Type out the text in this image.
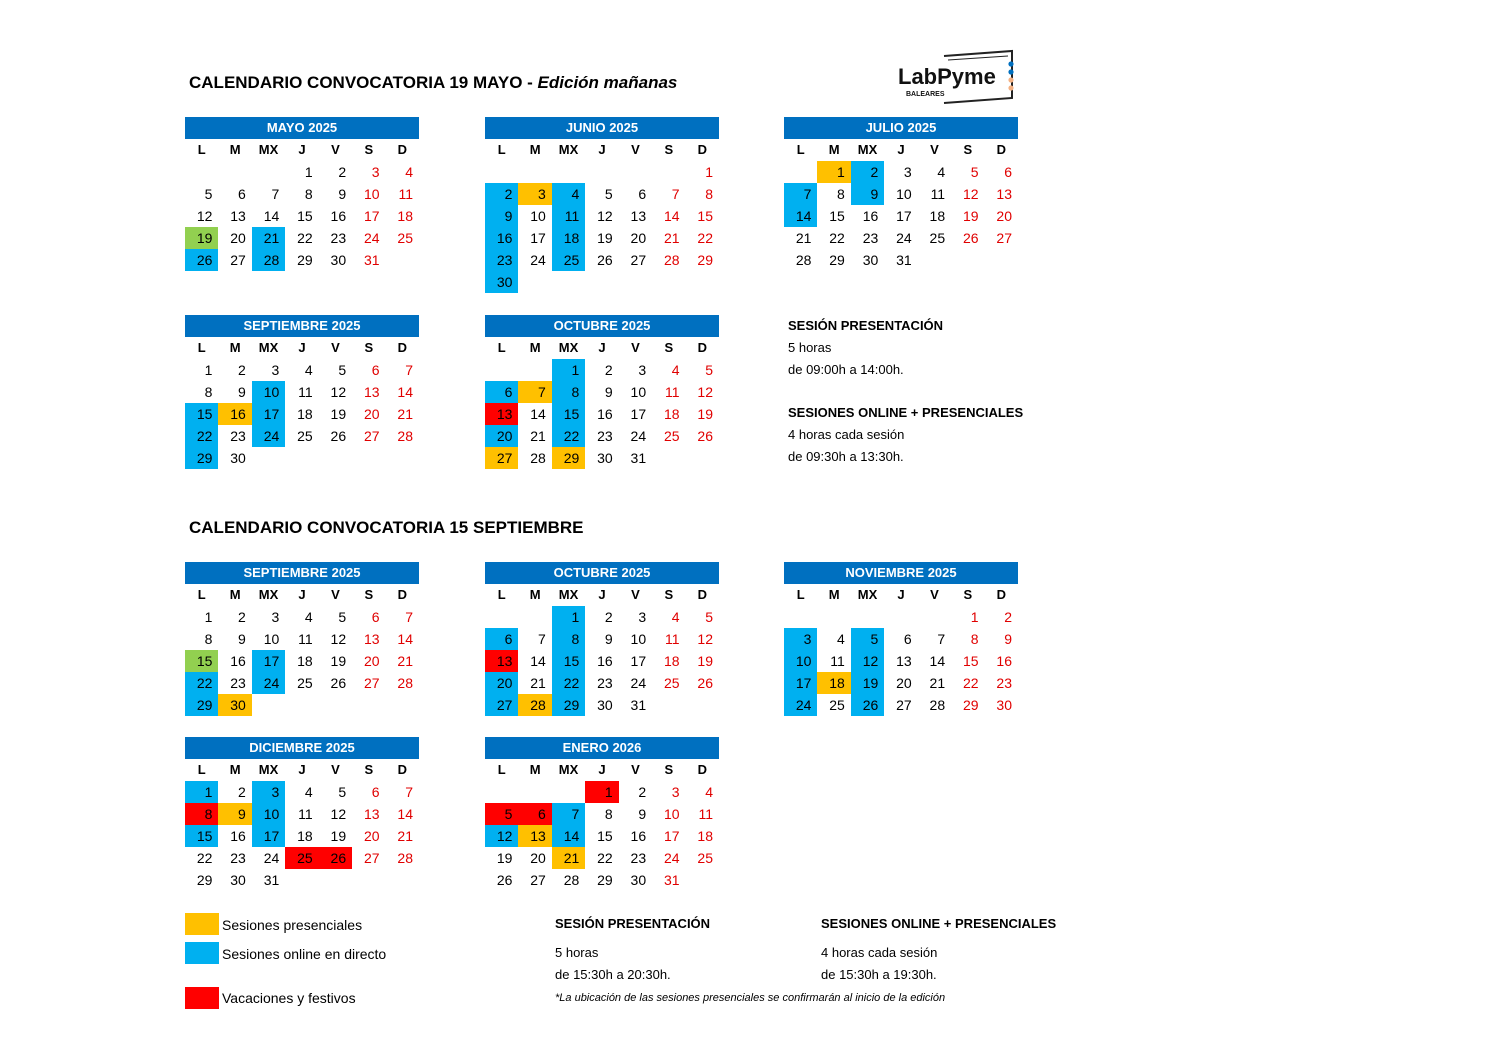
CALENDARIO CONVOCATORIA 19 MAYO - Edición mañanas
CALENDARIO CONVOCATORIA 15 SEPTIEMBRE
LabPyme
BALEARES
MAYO 2025
L	M	MX	J	V	S	D
			1	2	3	4
5	6	7	8	9	10	11
12	13	14	15	16	17	18
19	20	21	22	23	24	25
26	27	28	29	30	31	
JUNIO 2025
L	M	MX	J	V	S	D
						1
2	3	4	5	6	7	8
9	10	11	12	13	14	15
16	17	18	19	20	21	22
23	24	25	26	27	28	29
30						
JULIO 2025
L	M	MX	J	V	S	D
	1	2	3	4	5	6
7	8	9	10	11	12	13
14	15	16	17	18	19	20
21	22	23	24	25	26	27
28	29	30	31			
SEPTIEMBRE 2025
L	M	MX	J	V	S	D
1	2	3	4	5	6	7
8	9	10	11	12	13	14
15	16	17	18	19	20	21
22	23	24	25	26	27	28
29	30					
OCTUBRE 2025
L	M	MX	J	V	S	D
		1	2	3	4	5
6	7	8	9	10	11	12
13	14	15	16	17	18	19
20	21	22	23	24	25	26
27	28	29	30	31		
SEPTIEMBRE 2025
L	M	MX	J	V	S	D
1	2	3	4	5	6	7
8	9	10	11	12	13	14
15	16	17	18	19	20	21
22	23	24	25	26	27	28
29	30					
OCTUBRE 2025
L	M	MX	J	V	S	D
		1	2	3	4	5
6	7	8	9	10	11	12
13	14	15	16	17	18	19
20	21	22	23	24	25	26
27	28	29	30	31		
NOVIEMBRE 2025
L	M	MX	J	V	S	D
					1	2
3	4	5	6	7	8	9
10	11	12	13	14	15	16
17	18	19	20	21	22	23
24	25	26	27	28	29	30
DICIEMBRE 2025
L	M	MX	J	V	S	D
1	2	3	4	5	6	7
8	9	10	11	12	13	14
15	16	17	18	19	20	21
22	23	24	25	26	27	28
29	30	31				
ENERO 2026
L	M	MX	J	V	S	D
			1	2	3	4
5	6	7	8	9	10	11
12	13	14	15	16	17	18
19	20	21	22	23	24	25
26	27	28	29	30	31	
SESIÓN PRESENTACIÓN
5 horas
de 09:00h a 14:00h.
SESIONES ONLINE + PRESENCIALES
4 horas cada sesión
de 09:30h a 13:30h.
Sesiones presenciales
Sesiones online en directo
Vacaciones y festivos
SESIÓN PRESENTACIÓN
5 horas
de 15:30h a 20:30h.
SESIONES ONLINE + PRESENCIALES
4 horas cada sesión
de 15:30h a 19:30h.
*La ubicación de las sesiones presenciales se confirmarán al inicio de la edición
